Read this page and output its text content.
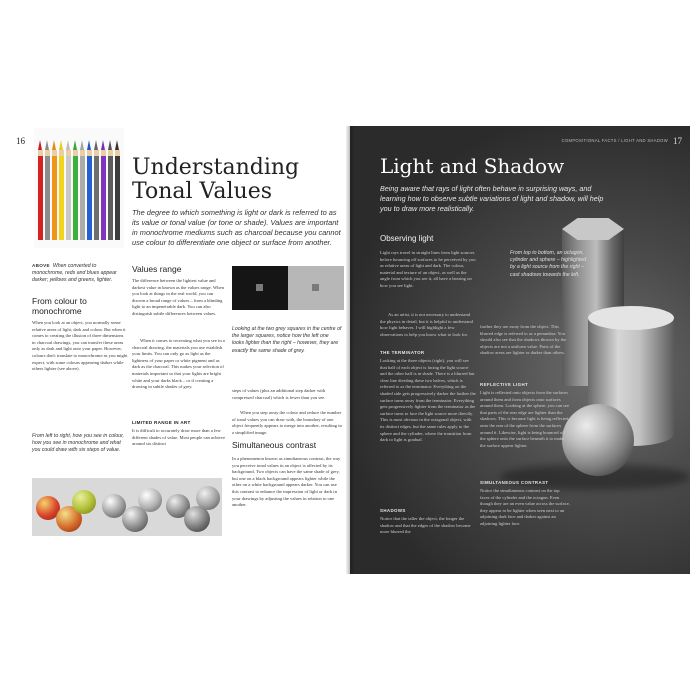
16
Understanding
Tonal Values
The degree to which something is light or dark is referred to as its value or tonal value (or tone or shade). Values are important in monochrome mediums such as charcoal because you cannot use colour to differentiate one object or surface from another.
ABOVE When converted to monochrome, reds and blues appear darker; yellows and greens, lighter.
From colour to monochrome
When you look at an object, you normally sense relative areas of light, dark and colour. But when it comes to creating the illusion of three dimensions in charcoal drawings, you can transfer these areas only as dark and light onto your paper. However, colours don't translate to monochrome as you might expect, with some colours appearing darker while others lighter (see above).
From left to right, how you see in colour, how you see in monochrome and what you could draw with six steps of value.
Values range
The difference between the lightest value and darkest value in known as the values range. When you look at things in the real world, you can discern a broad range of values – from a blinding light to an impenetrable dark. You can also distinguish subtle differences between values.
When it comes to recreating what you see in a charcoal drawing, the materials you use establish your limits. You can only go as light as the lightness of your paper or white pigment and as dark as the charcoal. This makes your selection of materials important so that your lights are bright white and your darks black – or if creating a drawing in subtle shades of grey.
LIMITED RANGE IN ART
It is difficult to accurately draw more than a few different shades of value. Most people can achieve around six distinct
Looking at the two grey squares in the centre of the larger squares, notice how the left one looks lighter than the right – however, they are exactly the same shade of grey.
steps of values (plus an additional step darker with compressed charcoal) which is fewer than you see.
When you step away the colour and reduce the number of tonal values you can draw with, the boundary of one object frequently appears to merge into another, resulting in a simplified image.
Simultaneous contrast
In a phenomenon known as simultaneous contrast, the way you perceive tonal values in an object is affected by its background. Two objects can have the same shade of grey, but one on a black background appears lighter while the other on a white background appears darker. You can use this contrast to enhance the impression of light or dark in your drawings by adjusting the values in relation to one another.
COMPOSITIONAL FACTS / LIGHT AND SHADOW 17
Light and Shadow
Being aware that rays of light often behave in surprising ways, and learning how to observe subtle variations of light and shadow, will help you to draw more realistically.
Observing light
Light rays travel in straight lines from light sources before bouncing off surfaces to be perceived by you as relative areas of light and dark. The colour, material and texture of an object, as well as the angle from which you see it, all have a bearing on how you see light.
As an artist, it is not necessary to understand the physics in detail, but it is helpful to understand how light behaves. I will highlight a few observations to help you know what to look for.
THE TERMINATOR
Looking at the three objects (right), you will see that half of each object is facing the light source and the other half is in shade. There is a blurred but clear line dividing these two halves, which is referred to as the terminator. Everything on the shaded side gets progressively darker the further the surface turns away from the terminator. Everything gets progressively lighter from the terminator as the surface turns to face the light source more directly. This is most obvious in the octagonal object, with its distinct edges, but the same rules apply to the sphere and the cylinder, where the transition from dark to light is gradual.
SHADOWS
Notice that the taller the object, the longer the shadow and that the edges of the shadow become more blurred the
From top to bottom, an octagon, cylinder and sphere – highlighted by a light source from the right – cast shadows towards the left.
further they are away from the object. This blurred edge is referred to as a penumbra. You should also see that the shadows thrown by the objects are not a uniform value. Parts of the shadow areas are lighter or darker than others.
REFLECTIVE LIGHT
Light is reflected onto objects from the surfaces around them and from objects onto surfaces around them. Looking at the sphere, you can see that parts of the rear edge are lighter than the shadows. This is because light is being reflected onto the rear of the sphere from the surfaces around it. Likewise, light is being bounced off the sphere onto the surface beneath it to make the surface appear lighter.
SIMULTANEOUS CONTRAST
Notice the simultaneous contrast on the top faces of the cylinder and the octagon. Even though they are an even value across the surface, they appear to be lighter when seen next to an adjoining dark face and darker against an adjoining lighter face.
